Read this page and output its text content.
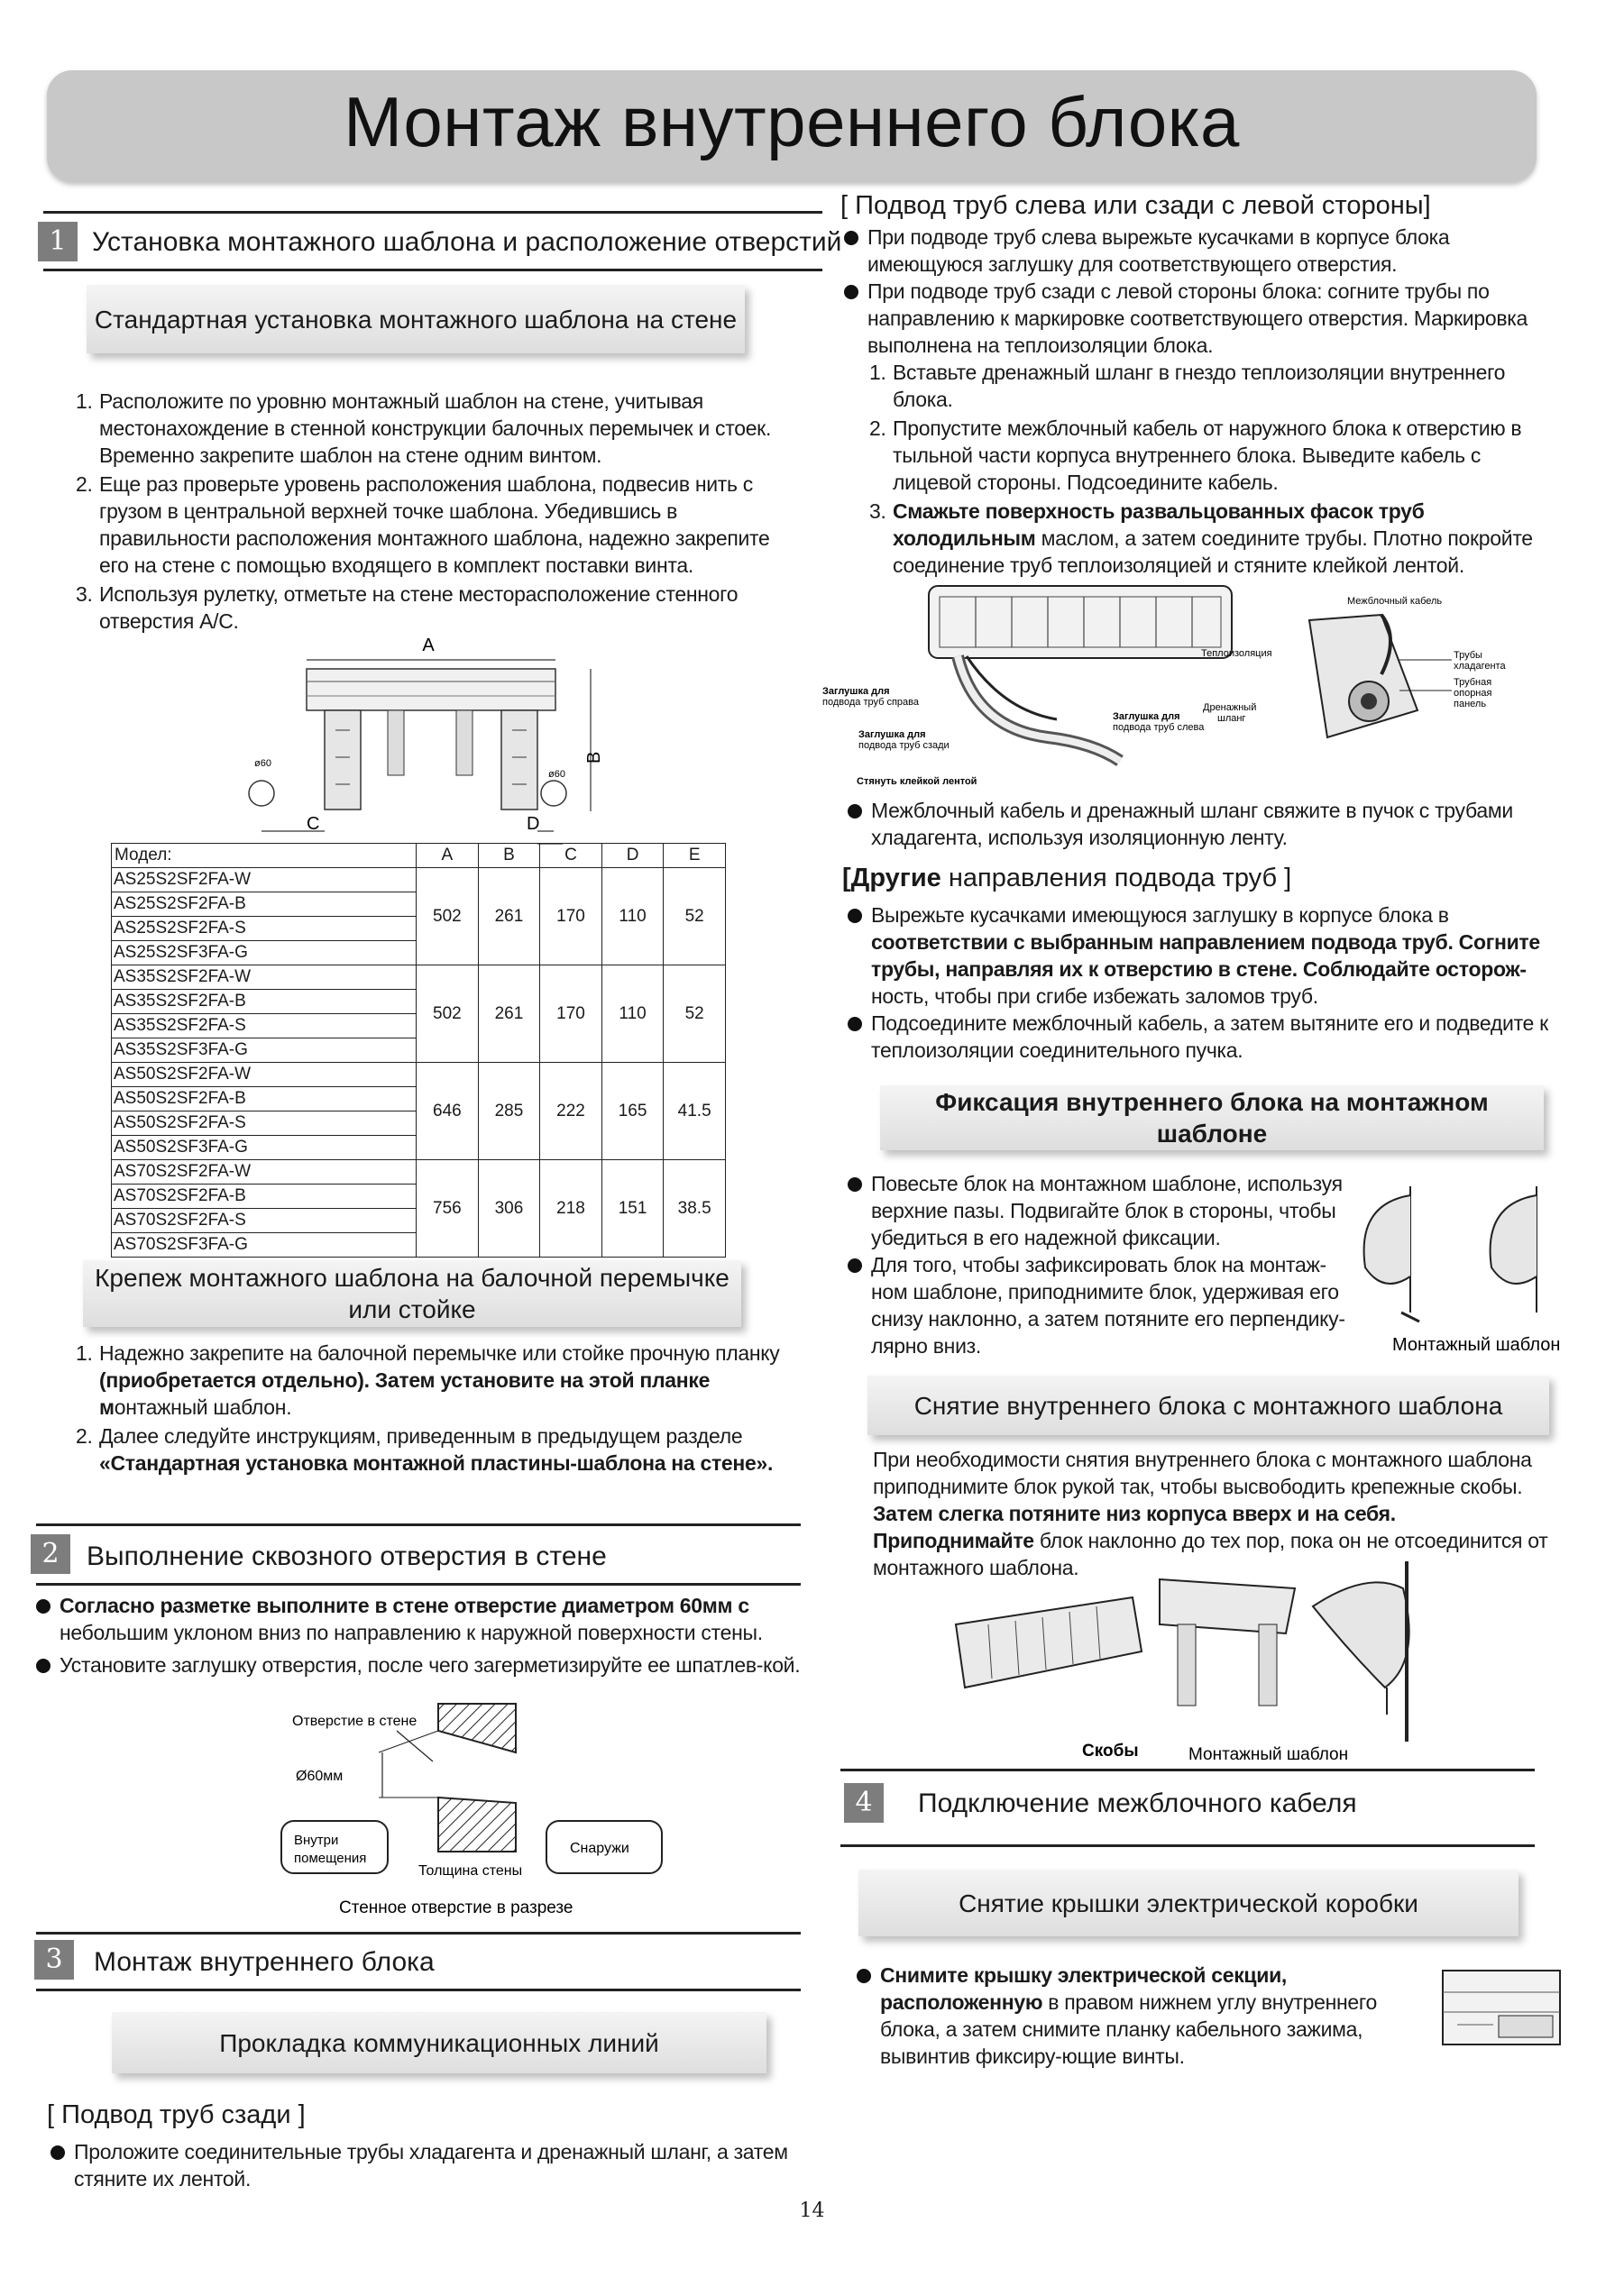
Монтаж внутреннего блока
1 Установка монтажного шаблона и расположение отверстий
Стандартная установка монтажного шаблона на стене
1. Расположите по уровню монтажный шаблон на стене, учитывая местонахождение в стенной конструкции балочных перемычек и стоек. Временно закрепите шаблон на стене одним винтом.
2. Еще раз проверьте уровень расположения шаблона, подвесив нить с грузом в центральной верхней точке шаблона. Убедившись в правильности расположения монтажного шаблона, надежно закрепите его на стене с помощью входящего в комплект поставки винта.
3. Используя рулетку, отметьте на стене месторасположение стенного отверстия А/С.
A
ø60
ø60
B
C	D
Модел:	A	B	C	D	E
AS25S2SF2FA-W	502	261	170	110	52
AS25S2SF2FA-B					
AS25S2SF2FA-S					
AS25S2SF3FA-G					
AS35S2SF2FA-W	502	261	170	110	52
AS35S2SF2FA-B					
AS35S2SF2FA-S					
AS35S2SF3FA-G					
AS50S2SF2FA-W	646	285	222	165	41.5
AS50S2SF2FA-B					
AS50S2SF2FA-S					
AS50S2SF3FA-G					
AS70S2SF2FA-W	756	306	218	151	38.5
AS70S2SF2FA-B					
AS70S2SF2FA-S					
AS70S2SF3FA-G					
Крепеж монтажного шаблона на балочной перемычке или стойке
1. Надежно закрепите на балочной перемычке или стойке прочную планку (приобретается отдельно). Затем установите на этой планке монтажный шаблон.
2. Далее следуйте инструкциям, приведенным в предыдущем разделе «Стандартная установка монтажной пластины-шаблона на стене».
2	Выполнение сквозного отверстия в стене
Согласно разметке выполните в стене отверстие диаметром 60мм с небольшим уклоном вниз по направлению к наружной поверхности стены.
Установите заглушку отверстия, после чего загерметизируйте ее шпатлев-кой.
Отверстие в стене
Ø60мм
Внутри
помещения
Снаружи
Толщина стены
Стенное отверстие в разрезе
3	Монтаж внутреннего блока
Прокладка коммуникационных линий
[ Подвод труб сзади ]
Проложите соединительные трубы хладагента и дренажный шланг, а затем стяните их лентой.
14
[ Подвод труб слева или сзади с левой стороны]
При подводе труб слева вырежьте кусачками в корпусе блока имеющуюся заглушку для соответствующего отверстия.
При подводе труб сзади с левой стороны блока: согните трубы по направлению к маркировке соответствующего отверстия. Маркировка выполнена на теплоизоляции блока.
1. Вставьте дренажный шланг в гнездо теплоизоляции внутреннего блока.
2. Пропустите межблочный кабель от наружного блока к отверстию в тыльной части корпуса внутреннего блока. Выведите кабель с лицевой стороны. Подсоедините кабель.
3. Смажьте поверхность развальцованных фасок труб холодильным маслом, а затем соедините трубы. Плотно покройте соединение труб теплоизоляцией и стяните клейкой лентой.
Заглушка для
подвода труб справа
Заглушка для
подвода труб сзади
Стянуть клейкой лентой
Заглушка для
подвода труб слева
Дренажный
шланг
Теплоизоляция
Межблочный кабель
Трубы
хладагента
Трубная
опорная
панель
Межблочный кабель и дренажный шланг свяжите в пучок с трубами хладагента, используя изоляционную ленту.
[Другие направления подвода труб ]
Вырежьте кусачками имеющуюся заглушку в корпусе блока в соответствии с выбранным направлением подвода труб. Согните трубы, направляя их к отверстию в стене. Соблюдайте осторож-ность, чтобы при сгибе избежать заломов труб.
Подсоедините межблочный кабель, а затем вытяните его и подведите к теплоизоляции соединительного пучка.
Фиксация внутреннего блока на монтажном шаблоне
Повесьте блок на монтажном шаблоне, используя верхние пазы. Подвигайте блок в стороны, чтобы убедиться в его надежной фиксации.
Для того, чтобы зафиксировать блок на монтаж-ном шаблоне, приподнимите блок, удерживая его снизу наклонно, а затем потяните его перпендику-лярно вниз.	Монтажный шаблон
Снятие внутреннего блока с монтажного шаблона
При необходимости снятия внутреннего блока с монтажного шаблона приподнимите блок рукой так, чтобы высвободить крепежные скобы. Затем слегка потяните низ корпуса вверх и на себя. Приподнимайте блок наклонно до тех пор, пока он не отсоединится от монтажного шаблона.
Скобы	Монтажный шаблон
4	Подключение межблочного кабеля
Снятие крышки электрической коробки
Снимите крышку электрической секции, расположенную в правом нижнем углу внутреннего блока, а затем снимите планку кабельного зажима, вывинтив фиксиру-ющие винты.
